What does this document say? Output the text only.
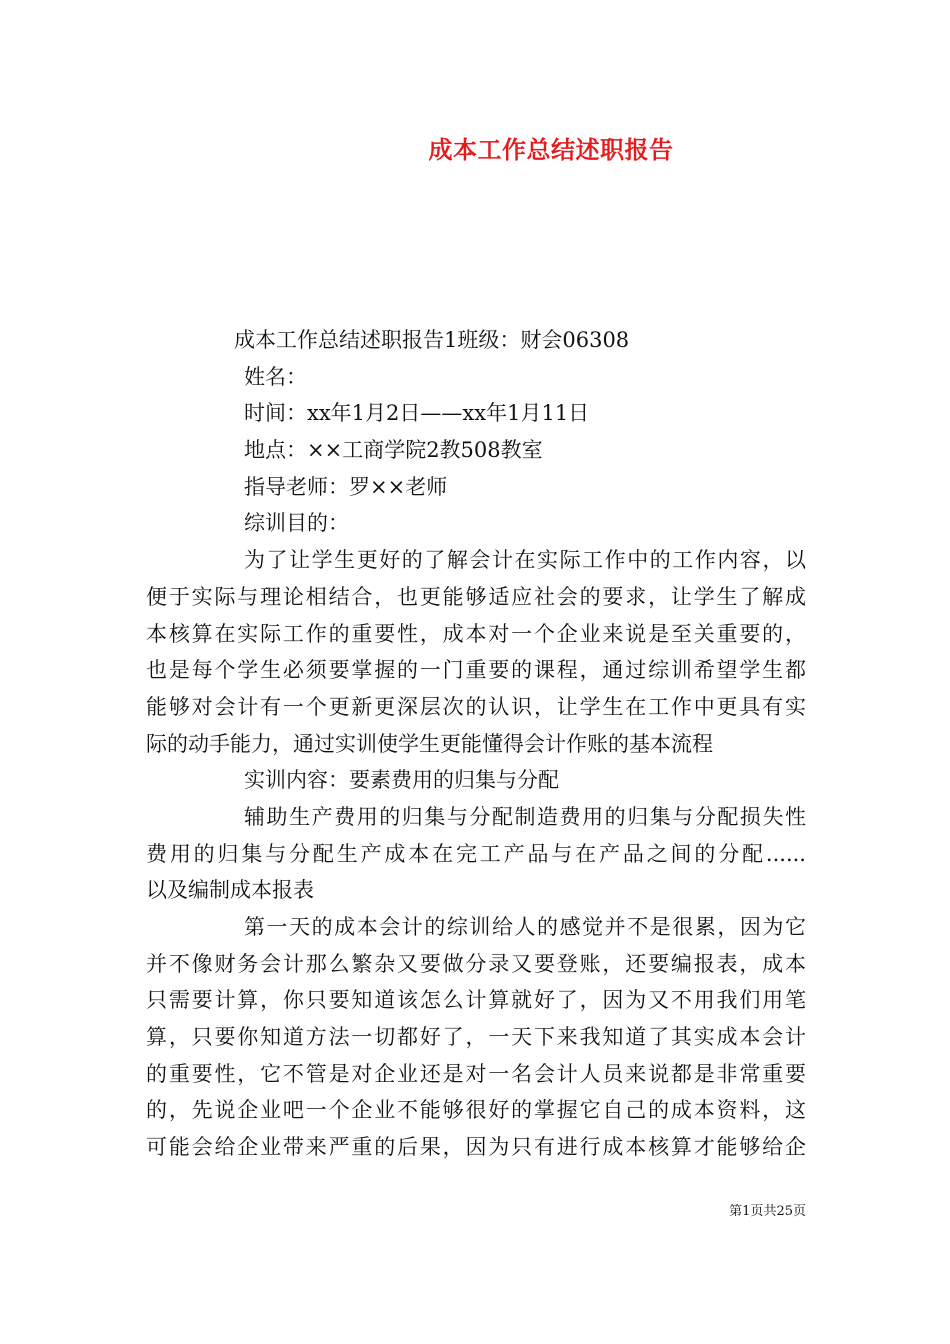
成本工作总结述职报告
成本工作总结述职报告1班级：财会06308
姓名：
时间：xx年1月2日——xx年1月11日
地点：××工商学院2教508教室
指导老师：罗××老师
综训目的：
为了让学生更好的了解会计在实际工作中的工作内容，以
便于实际与理论相结合，也更能够适应社会的要求，让学生了解成
本核算在实际工作的重要性，成本对一个企业来说是至关重要的，
也是每个学生必须要掌握的一门重要的课程，通过综训希望学生都
能够对会计有一个更新更深层次的认识，让学生在工作中更具有实
际的动手能力，通过实训使学生更能懂得会计作账的基本流程
实训内容：要素费用的归集与分配
辅助生产费用的归集与分配制造费用的归集与分配损失性
费用的归集与分配生产成本在完工产品与在产品之间的分配......
以及编制成本报表
第一天的成本会计的综训给人的感觉并不是很累，因为它
并不像财务会计那么繁杂又要做分录又要登账，还要编报表，成本
只需要计算，你只要知道该怎么计算就好了，因为又不用我们用笔
算，只要你知道方法一切都好了，一天下来我知道了其实成本会计
的重要性，它不管是对企业还是对一名会计人员来说都是非常重要
的，先说企业吧一个企业不能够很好的掌握它自己的成本资料，这
可能会给企业带来严重的后果，因为只有进行成本核算才能够给企
第1页共25页
